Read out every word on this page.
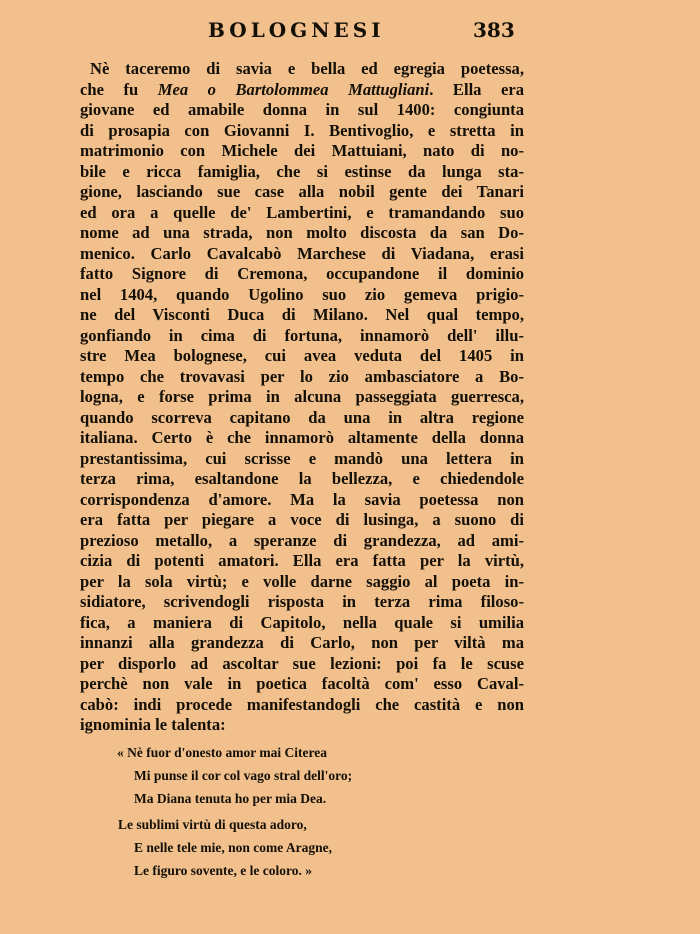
BOLOGNESI	383
Nè taceremo di savia e bella ed egregia poetessa,
che fu Mea o Bartolommea Mattugliani. Ella era
giovane ed amabile donna in sul 1400: congiunta
di prosapia con Giovanni I. Bentivoglio, e stretta in
matrimonio con Michele dei Mattuiani, nato di no-
bile e ricca famiglia, che si estinse da lunga sta-
gione, lasciando sue case alla nobil gente dei Tanari
ed ora a quelle de' Lambertini, e tramandando suo
nome ad una strada, non molto discosta da san Do-
menico. Carlo Cavalcabò Marchese di Viadana, erasi
fatto Signore di Cremona, occupandone il dominio
nel 1404, quando Ugolino suo zio gemeva prigio-
ne del Visconti Duca di Milano. Nel qual tempo,
gonfiando in cima di fortuna, innamorò dell' illu-
stre Mea bolognese, cui avea veduta del 1405 in
tempo che trovavasi per lo zio ambasciatore a Bo-
logna, e forse prima in alcuna passeggiata guerresca,
quando scorreva capitano da una in altra regione
italiana. Certo è che innamorò altamente della donna
prestantissima, cui scrisse e mandò una lettera in
terza rima, esaltandone la bellezza, e chiedendole
corrispondenza d'amore. Ma la savia poetessa non
era fatta per piegare a voce di lusinga, a suono di
prezioso metallo, a speranze di grandezza, ad ami-
cizia di potenti amatori. Ella era fatta per la virtù,
per la sola virtù; e volle darne saggio al poeta in-
sidiatore, scrivendogli risposta in terza rima filoso-
fica, a maniera di Capitolo, nella quale si umilia
innanzi alla grandezza di Carlo, non per viltà ma
per disporlo ad ascoltar sue lezioni: poi fa le scuse
perchè non vale in poetica facoltà com' esso Caval-
cabò: indi procede manifestandogli che castità e non
ignominia le talenta:
« Nè fuor d'onesto amor mai Citerea
Mi punse il cor col vago stral dell'oro;
Ma Diana tenuta ho per mia Dea.
Le sublimi virtù di questa adoro,
E nelle tele mie, non come Aragne,
Le figuro sovente, e le coloro. »
